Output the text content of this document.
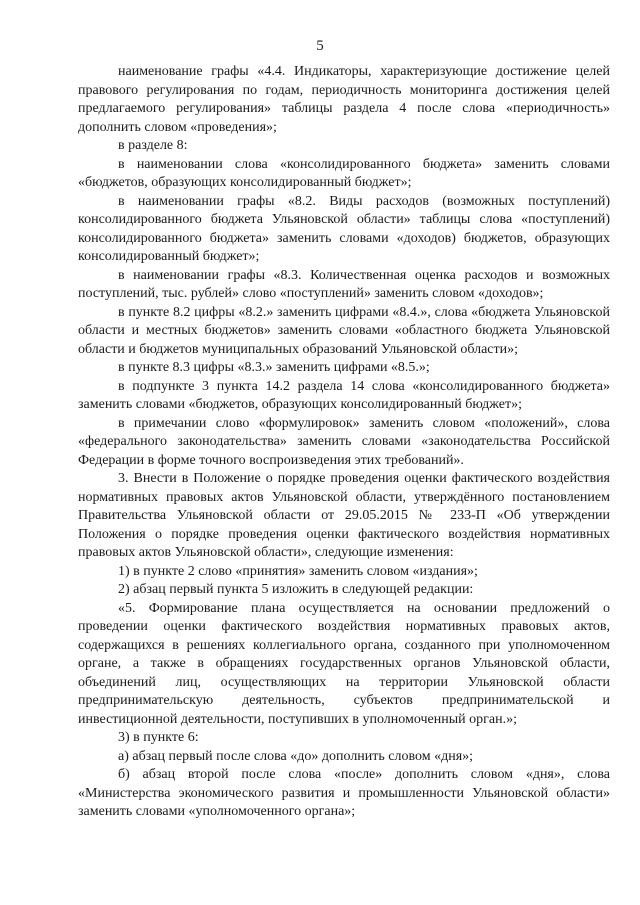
5

наименование графы «4.4. Индикаторы, характеризующие достижение целей правового регулирования по годам, периодичность мониторинга достижения целей предлагаемого регулирования» таблицы раздела 4 после слова «периодичность» дополнить словом «проведения»;

в разделе 8:

в наименовании слова «консолидированного бюджета» заменить словами «бюджетов, образующих консолидированный бюджет»;

в наименовании графы «8.2. Виды расходов (возможных поступлений) консолидированного бюджета Ульяновской области» таблицы слова «поступлений) консолидированного бюджета» заменить словами «доходов) бюджетов, образующих консолидированный бюджет»;

в наименовании графы «8.3. Количественная оценка расходов и возможных поступлений, тыс. рублей» слово «поступлений» заменить словом «доходов»;

в пункте 8.2 цифры «8.2.» заменить цифрами «8.4.», слова «бюджета Ульяновской области и местных бюджетов» заменить словами «областного бюджета Ульяновской области и бюджетов муниципальных образований Ульяновской области»;

в пункте 8.3 цифры «8.3.» заменить цифрами «8.5.»;

в подпункте 3 пункта 14.2 раздела 14 слова «консолидированного бюджета» заменить словами «бюджетов, образующих консолидированный бюджет»;

в примечании слово «формулировок» заменить словом «положений», слова «федерального законодательства» заменить словами «законодательства Российской Федерации в форме точного воспроизведения этих требований».

3. Внести в Положение о порядке проведения оценки фактического воздействия нормативных правовых актов Ульяновской области, утверждённого постановлением Правительства Ульяновской области от 29.05.2015 № 233-П «Об утверждении Положения о порядке проведения оценки фактического воздействия нормативных правовых актов Ульяновской области», следующие изменения:

1) в пункте 2 слово «принятия» заменить словом «издания»;

2) абзац первый пункта 5 изложить в следующей редакции:

«5. Формирование плана осуществляется на основании предложений о проведении оценки фактического воздействия нормативных правовых актов, содержащихся в решениях коллегиального органа, созданного при уполномоченном органе, а также в обращениях государственных органов Ульяновской области, объединений лиц, осуществляющих на территории Ульяновской области предпринимательскую деятельность, субъектов предпринимательской и инвестиционной деятельности, поступивших в уполномоченный орган.»;

3) в пункте 6:

а) абзац первый после слова «до» дополнить словом «дня»;

б) абзац второй после слова «после» дополнить словом «дня», слова «Министерства экономического развития и промышленности Ульяновской области» заменить словами «уполномоченного органа»;
